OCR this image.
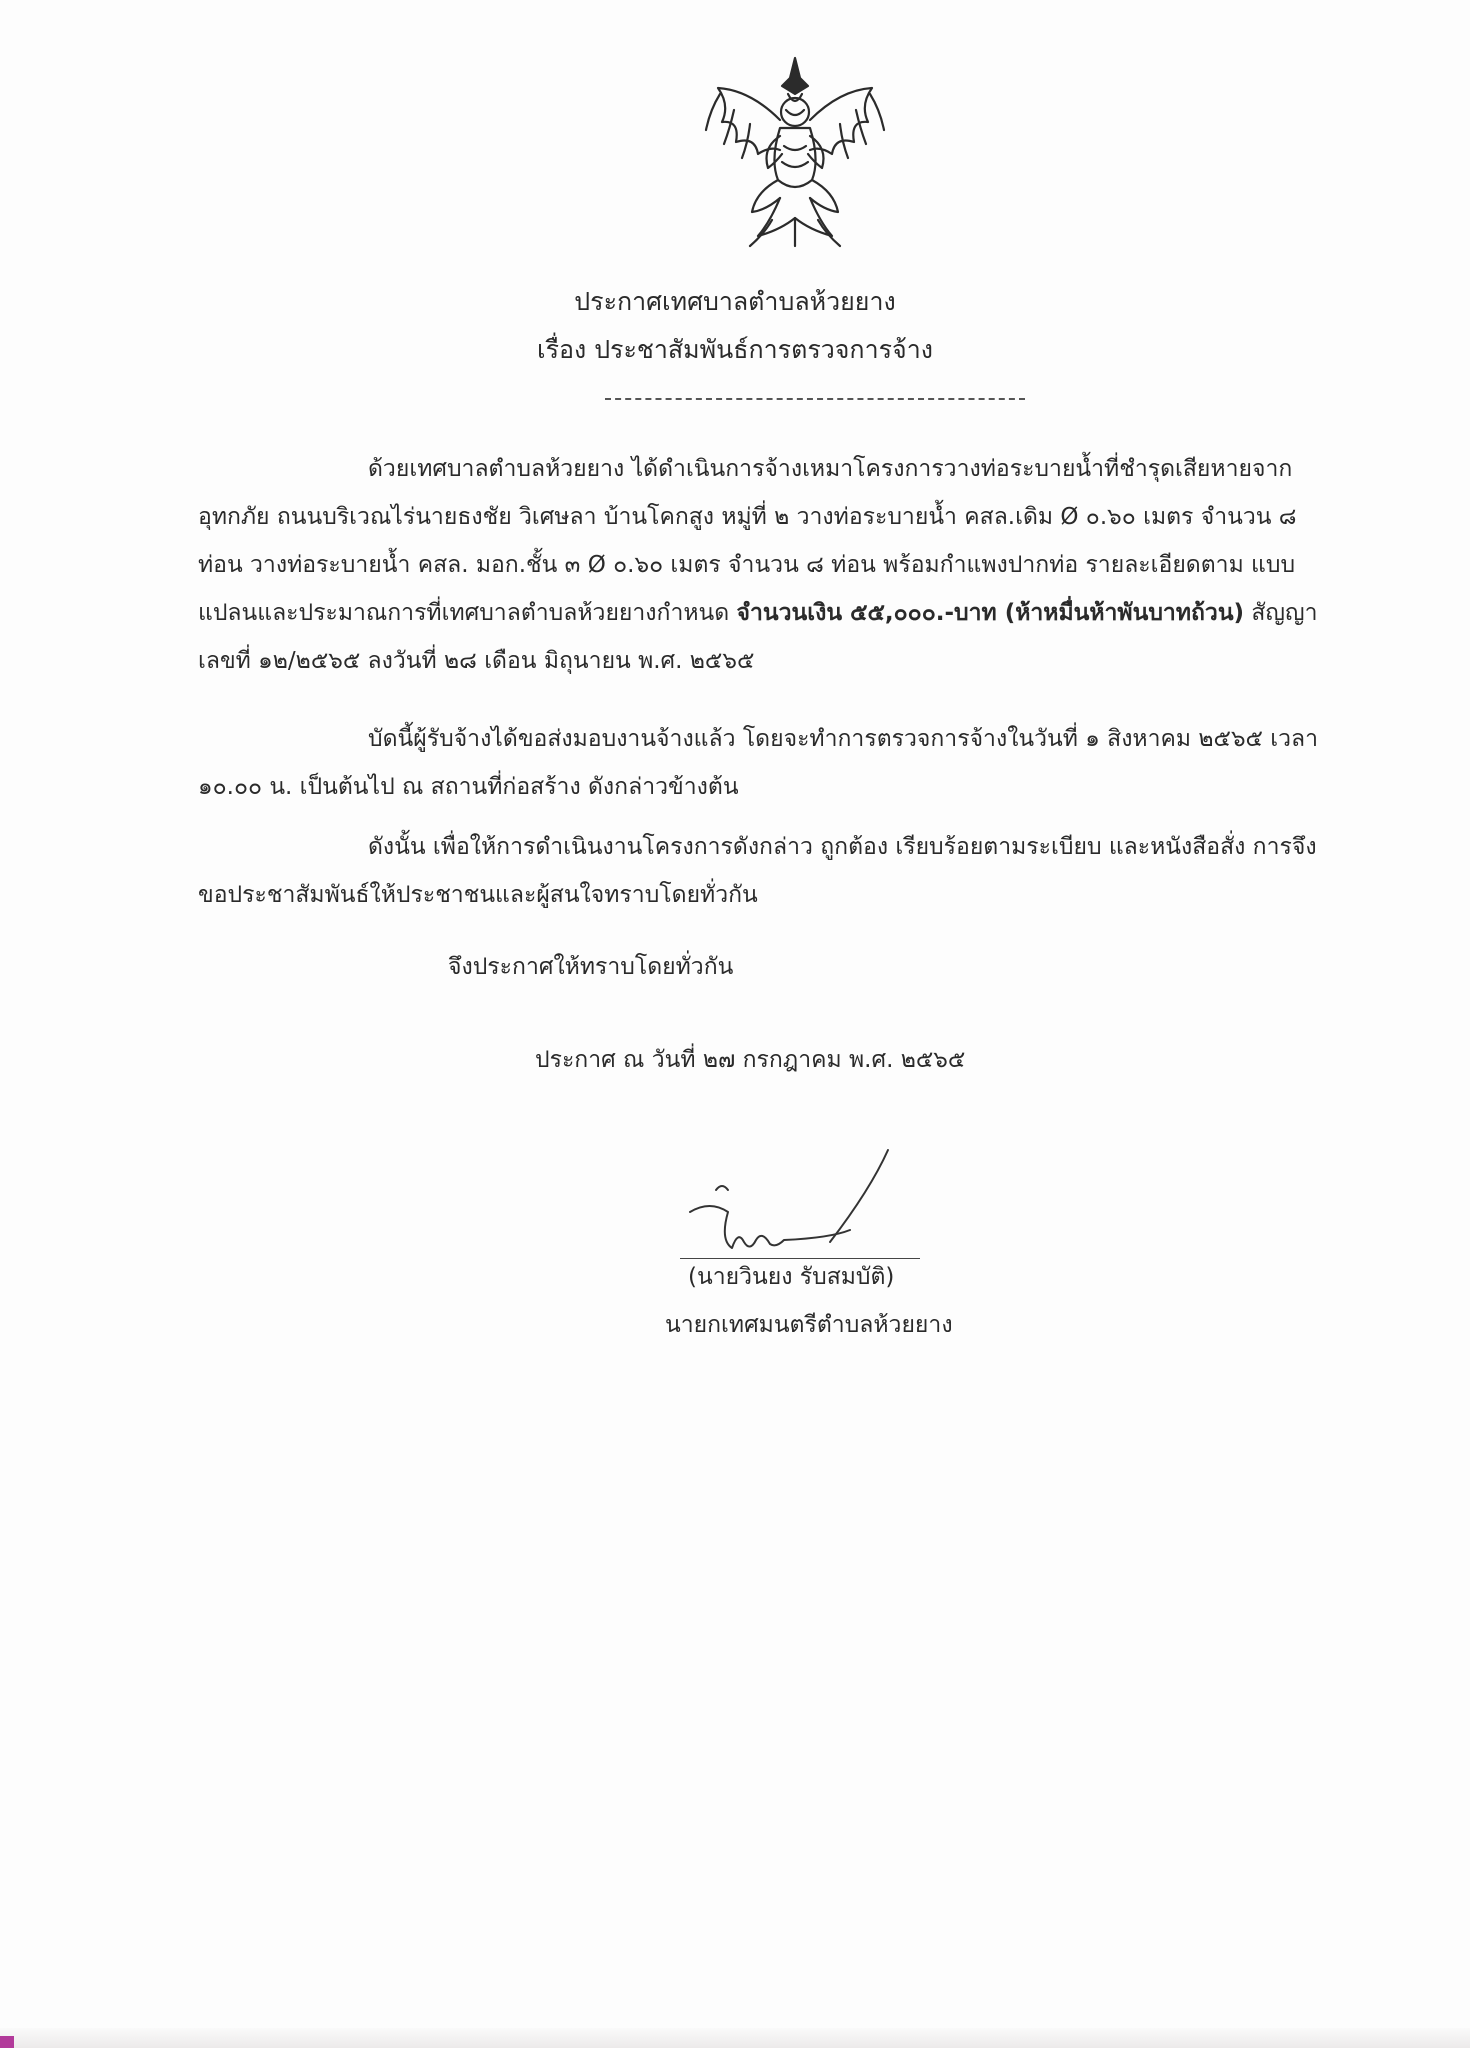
ประกาศเทศบาลตำบลห้วยยาง
เรื่อง ประชาสัมพันธ์การตรวจการจ้าง

ด้วยเทศบาลตำบลห้วยยาง ได้ดำเนินการจ้างเหมาโครงการวางท่อระบายน้ำที่ชำรุดเสียหายจาก อุทกภัย ถนนบริเวณไร่นายธงชัย วิเศษลา บ้านโคกสูง หมู่ที่ ๒ วางท่อระบายน้ำ คสล.เดิม Ø ๐.๖๐ เมตร จำนวน ๘ ท่อน วางท่อระบายน้ำ คสล. มอก.ชั้น ๓ Ø ๐.๖๐ เมตร จำนวน ๘ ท่อน พร้อมกำแพงปากท่อ รายละเอียดตาม แบบแปลนและประมาณการที่เทศบาลตำบลห้วยยางกำหนด จำนวนเงิน ๕๕,๐๐๐.-บาท (ห้าหมื่นห้าพันบาทถ้วน) สัญญาเลขที่ ๑๒/๒๕๖๕ ลงวันที่ ๒๘ เดือน มิถุนายน พ.ศ. ๒๕๖๕

บัดนี้ผู้รับจ้างได้ขอส่งมอบงานจ้างแล้ว โดยจะทำการตรวจการจ้างในวันที่ ๑ สิงหาคม ๒๕๖๕ เวลา ๑๐.๐๐ น. เป็นต้นไป ณ สถานที่ก่อสร้าง ดังกล่าวข้างต้น

ดังนั้น เพื่อให้การดำเนินงานโครงการดังกล่าว ถูกต้อง เรียบร้อยตามระเบียบ และหนังสือสั่ง การจึงขอประชาสัมพันธ์ให้ประชาชนและผู้สนใจทราบโดยทั่วกัน

จึงประกาศให้ทราบโดยทั่วกัน
ประกาศ ณ วันที่ ๒๗ กรกฎาคม พ.ศ. ๒๕๖๕
(นายวินยง รับสมบัติ)
นายกเทศมนตรีตำบลห้วยยาง
